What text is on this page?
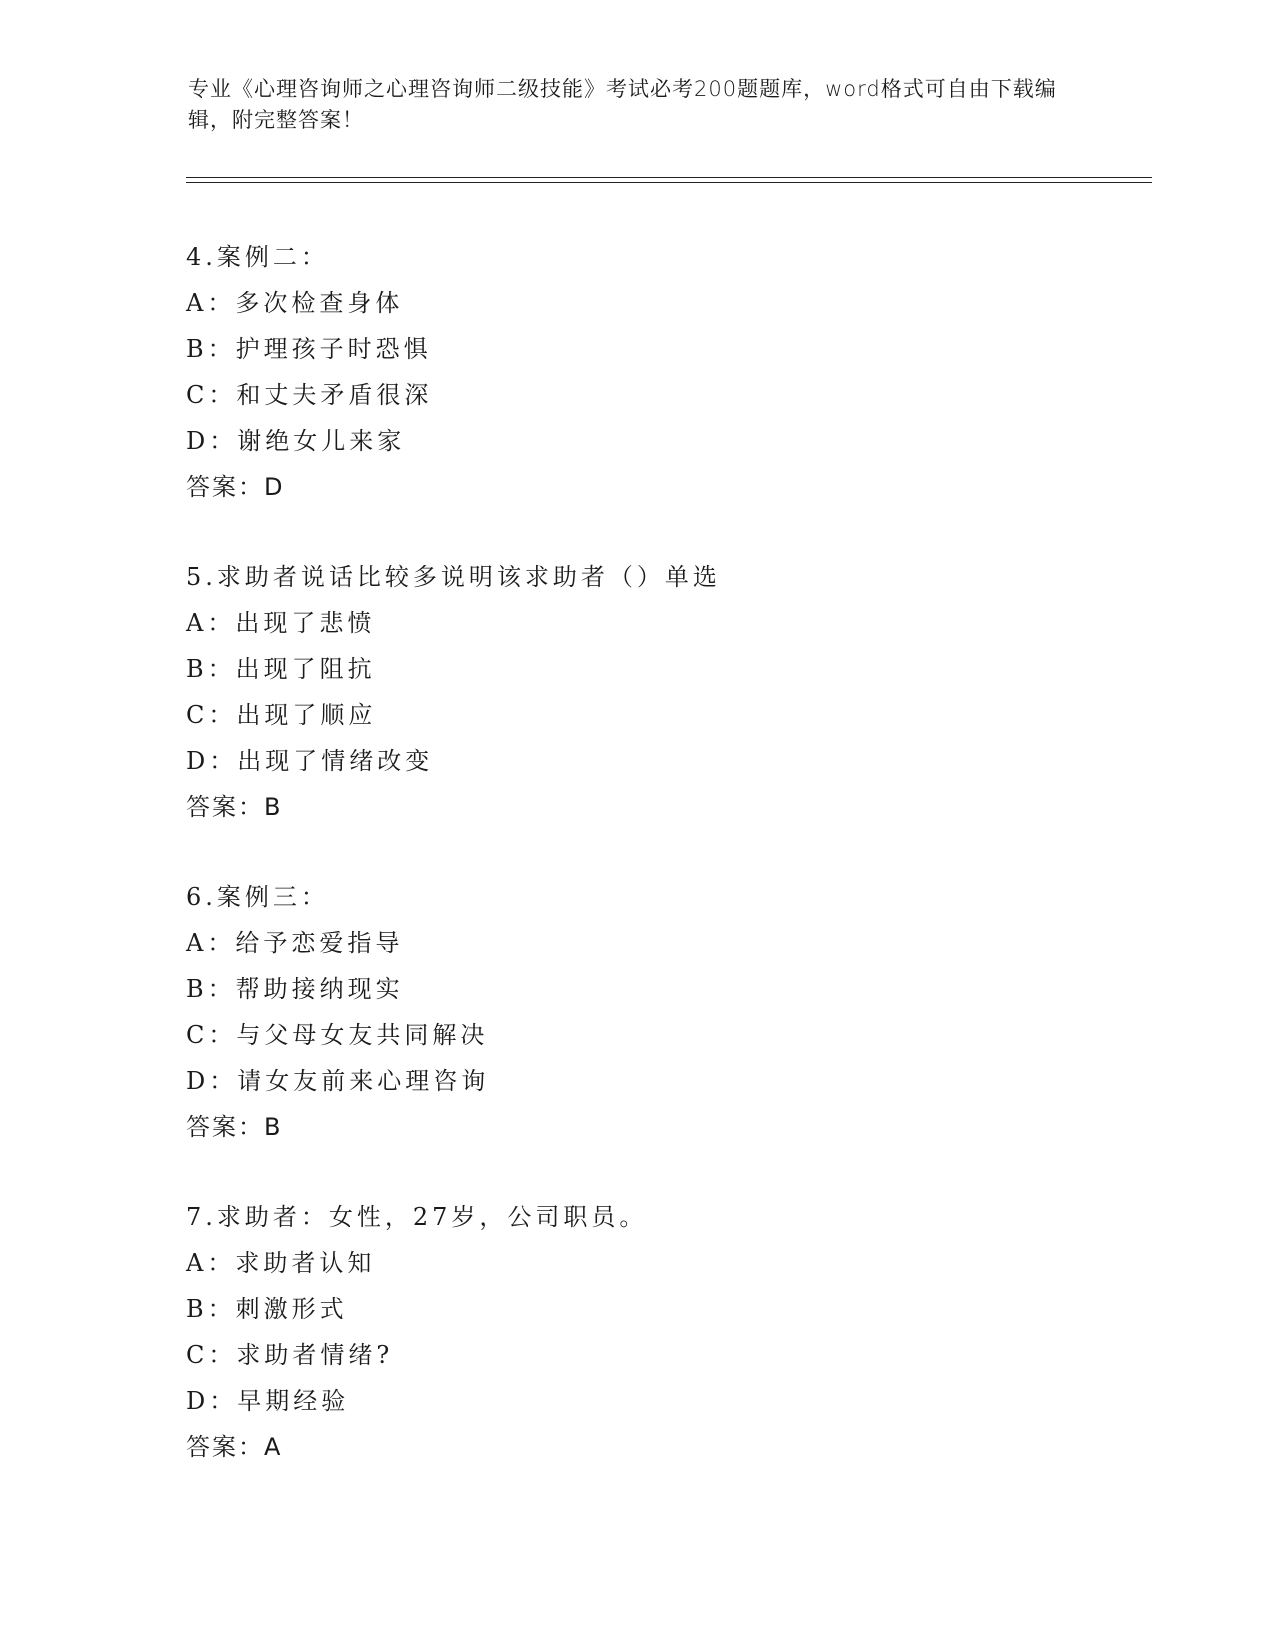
专业《心理咨询师之心理咨询师二级技能》考试必考200题题库，word格式可自由下载编辑，附完整答案！
4.案例二：
A：多次检查身体
B：护理孩子时恐惧
C：和丈夫矛盾很深
D：谢绝女儿来家
答案：D
5.求助者说话比较多说明该求助者（）单选
A：出现了悲愤
B：出现了阻抗
C：出现了顺应
D：出现了情绪改变
答案：B
6.案例三：
A：给予恋爱指导
B：帮助接纳现实
C：与父母女友共同解决
D：请女友前来心理咨询
答案：B
7.求助者：女性，27岁，公司职员。
A：求助者认知
B：刺激形式
C：求助者情绪?
D：早期经验
答案：A
